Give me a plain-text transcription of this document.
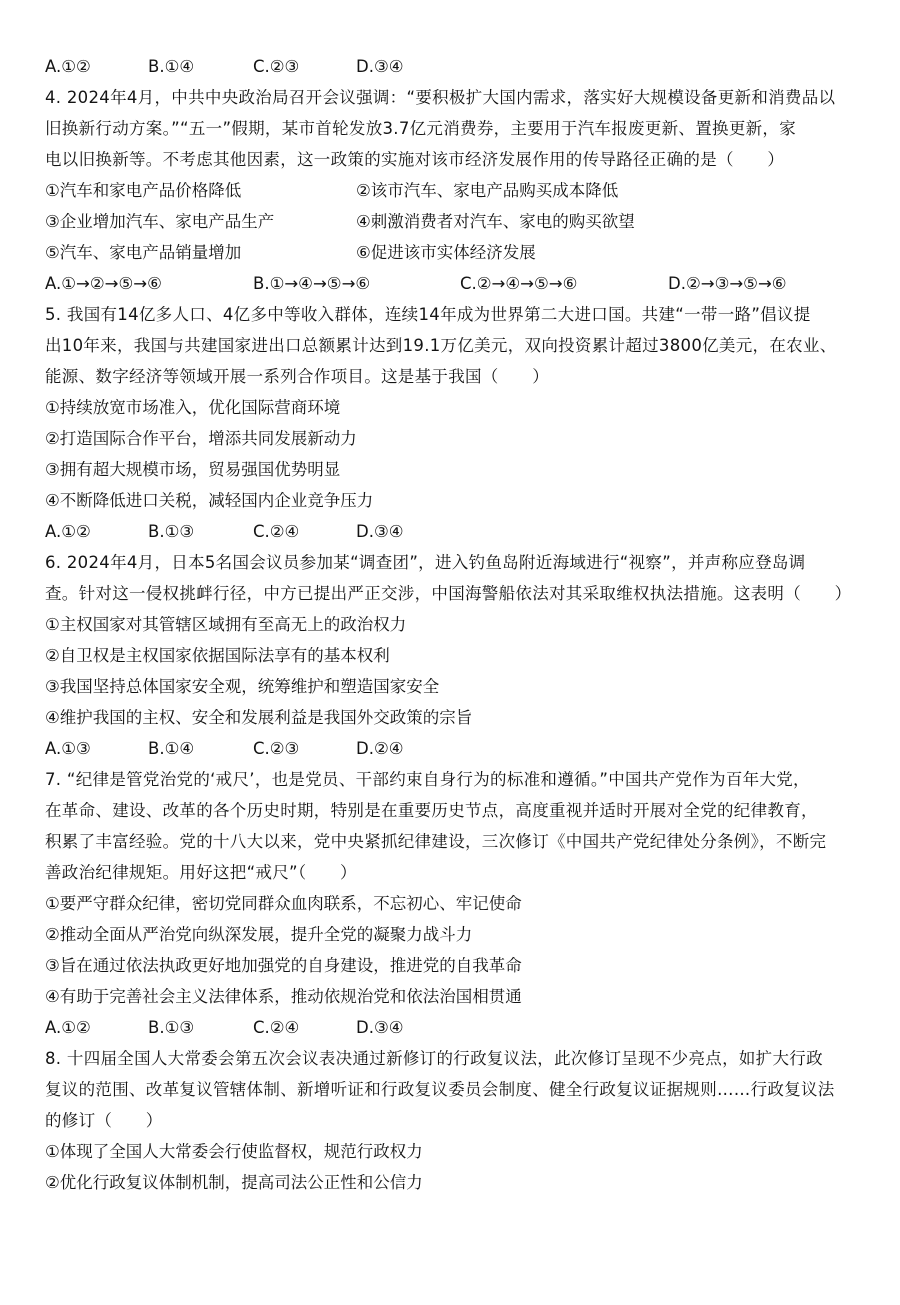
A.①②	B.①④	C.②③	D.③④
4. 2024年4月，中共中央政治局召开会议强调：“要积极扩大国内需求，落实好大规模设备更新和消费品以
旧换新行动方案。”“五一”假期，某市首轮发放3.7亿元消费券，主要用于汽车报废更新、置换更新，家
电以旧换新等。不考虑其他因素，这一政策的实施对该市经济发展作用的传导路径正确的是（　　）
①汽车和家电产品价格降低	②该市汽车、家电产品购买成本降低
③企业增加汽车、家电产品生产	④刺激消费者对汽车、家电的购买欲望
⑤汽车、家电产品销量增加	⑥促进该市实体经济发展
A.①→②→⑤→⑥	B.①→④→⑤→⑥	C.②→④→⑤→⑥	D.②→③→⑤→⑥
5. 我国有14亿多人口、4亿多中等收入群体，连续14年成为世界第二大进口国。共建“一带一路”倡议提
出10年来，我国与共建国家进出口总额累计达到19.1万亿美元，双向投资累计超过3800亿美元，在农业、
能源、数字经济等领域开展一系列合作项目。这是基于我国（　　）
①持续放宽市场准入，优化国际营商环境
②打造国际合作平台，增添共同发展新动力
③拥有超大规模市场，贸易强国优势明显
④不断降低进口关税，减轻国内企业竞争压力
A.①②	B.①③	C.②④	D.③④
6. 2024年4月，日本5名国会议员参加某“调查团”，进入钓鱼岛附近海域进行“视察”，并声称应登岛调
查。针对这一侵权挑衅行径，中方已提出严正交涉，中国海警船依法对其采取维权执法措施。这表明（　　）
①主权国家对其管辖区域拥有至高无上的政治权力
②自卫权是主权国家依据国际法享有的基本权利
③我国坚持总体国家安全观，统筹维护和塑造国家安全
④维护我国的主权、安全和发展利益是我国外交政策的宗旨
A.①③	B.①④	C.②③	D.②④
7. “纪律是管党治党的‘戒尺’，也是党员、干部约束自身行为的标准和遵循。”中国共产党作为百年大党，
在革命、建设、改革的各个历史时期，特别是在重要历史节点，高度重视并适时开展对全党的纪律教育，
积累了丰富经验。党的十八大以来，党中央紧抓纪律建设，三次修订《中国共产党纪律处分条例》，不断完
善政治纪律规矩。用好这把“戒尺”（　　）
①要严守群众纪律，密切党同群众血肉联系，不忘初心、牢记使命
②推动全面从严治党向纵深发展，提升全党的凝聚力战斗力
③旨在通过依法执政更好地加强党的自身建设，推进党的自我革命
④有助于完善社会主义法律体系，推动依规治党和依法治国相贯通
A.①②	B.①③	C.②④	D.③④
8. 十四届全国人大常委会第五次会议表决通过新修订的行政复议法，此次修订呈现不少亮点，如扩大行政
复议的范围、改革复议管辖体制、新增听证和行政复议委员会制度、健全行政复议证据规则……行政复议法
的修订（　　）
①体现了全国人大常委会行使监督权，规范行政权力
②优化行政复议体制机制，提高司法公正性和公信力
